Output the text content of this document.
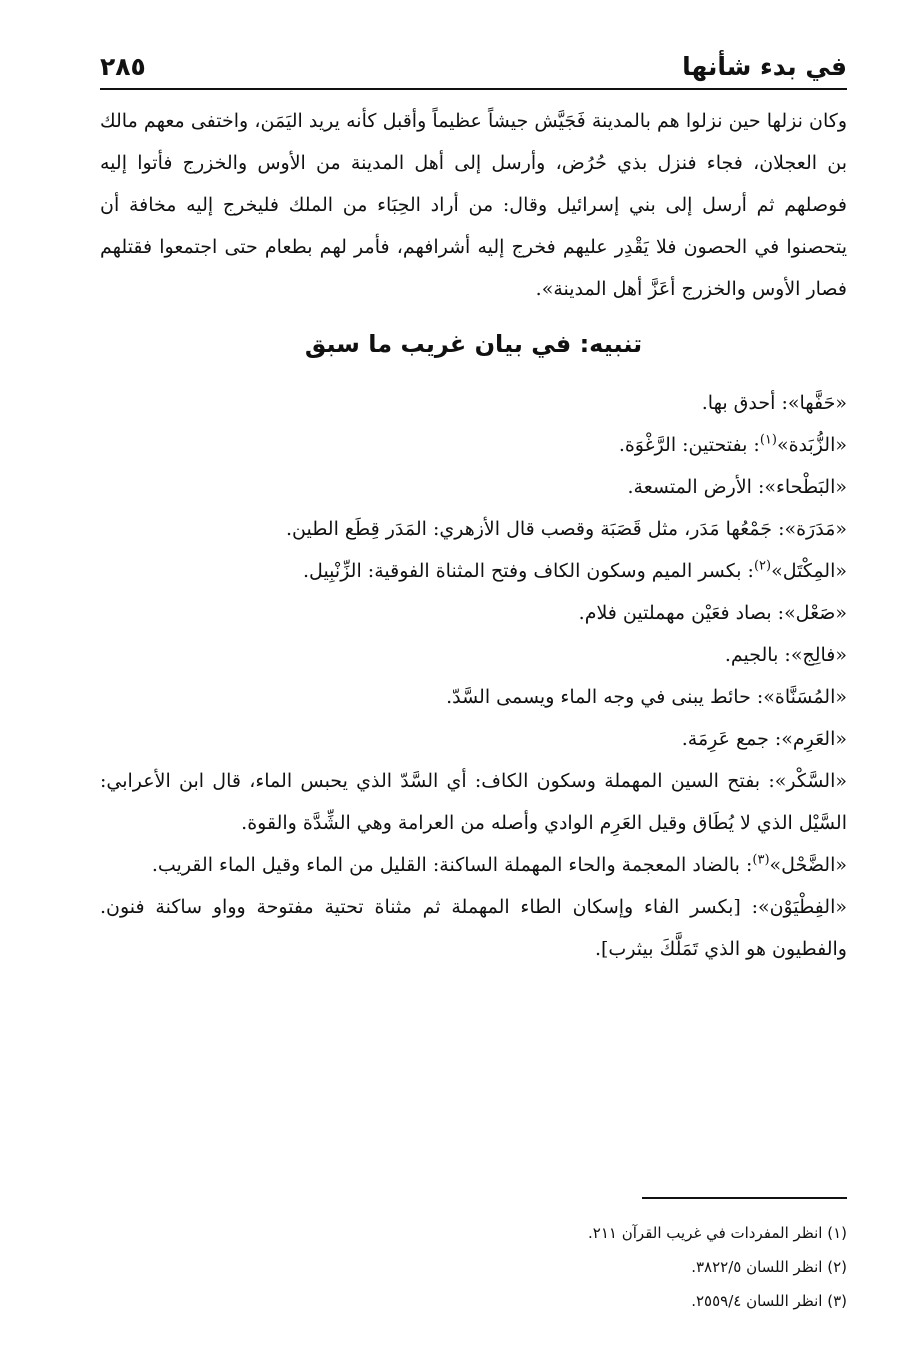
في بدء شأنها
٢٨٥

وكان نزلها حين نزلوا هم بالمدينة فَجَيَّش جيشاً عظيماً وأقبل كأنه يريد اليَمَن، واختفى معهم مالك بن العجلان، فجاء فنزل بذي حُرُض، وأرسل إلى أهل المدينة من الأوس والخزرج فأتوا إليه فوصلهم ثم أرسل إلى بني إسرائيل وقال: من أراد الحِبَاء من الملك فليخرج إليه مخافة أن يتحصنوا في الحصون فلا يَقْدِر عليهم فخرج إليه أشرافهم، فأمر لهم بطعام حتى اجتمعوا فقتلهم فصار الأوس والخزرج أعَزَّ أهل المدينة».

تنبيه: في بيان غريب ما سبق

«حَفَّها»: أحدق بها.

«الزُّبَدة»$^{(١)}$: بفتحتين: الرَّغْوَة.

«البَطْحاء»: الأرض المتسعة.

«مَدَرَة»: جَمْعُها مَدَر، مثل قَصَبَة وقصب قال الأزهري: المَدَر قِطَع الطين.

«المِكْتَل»$^{(٢)}$: بكسر الميم وسكون الكاف وفتح المثناة الفوقية: الزِّنْبِيل.

«صَعْل»: بصاد فعَيْن مهملتين فلام.

«فالِج»: بالجيم.

«المُسَنَّاة»: حائط يبنى في وجه الماء ويسمى السَّدّ.

«العَرِم»: جمع عَرِمَة.

«السَّكْر»: بفتح السين المهملة وسكون الكاف: أي السَّدّ الذي يحبس الماء، قال ابن الأعرابي: السَّيْل الذي لا يُطَاق وقيل العَرِم الوادي وأصله من العرامة وهي الشِّدَّة والقوة.

«الضَّحْل»$^{(٣)}$: بالضاد المعجمة والحاء المهملة الساكنة: القليل من الماء وقيل الماء القريب.

«الفِطْيَوْن»: [بكسر الفاء وإسكان الطاء المهملة ثم مثناة تحتية مفتوحة وواو ساكنة فنون. والفطيون هو الذي تَمَلَّكَ بيثرب].

(١) انظر المفردات في غريب القرآن ٢١١.

(٢) انظر اللسان ٣٨٢٢/٥.

(٣) انظر اللسان ٢٥٥٩/٤.
